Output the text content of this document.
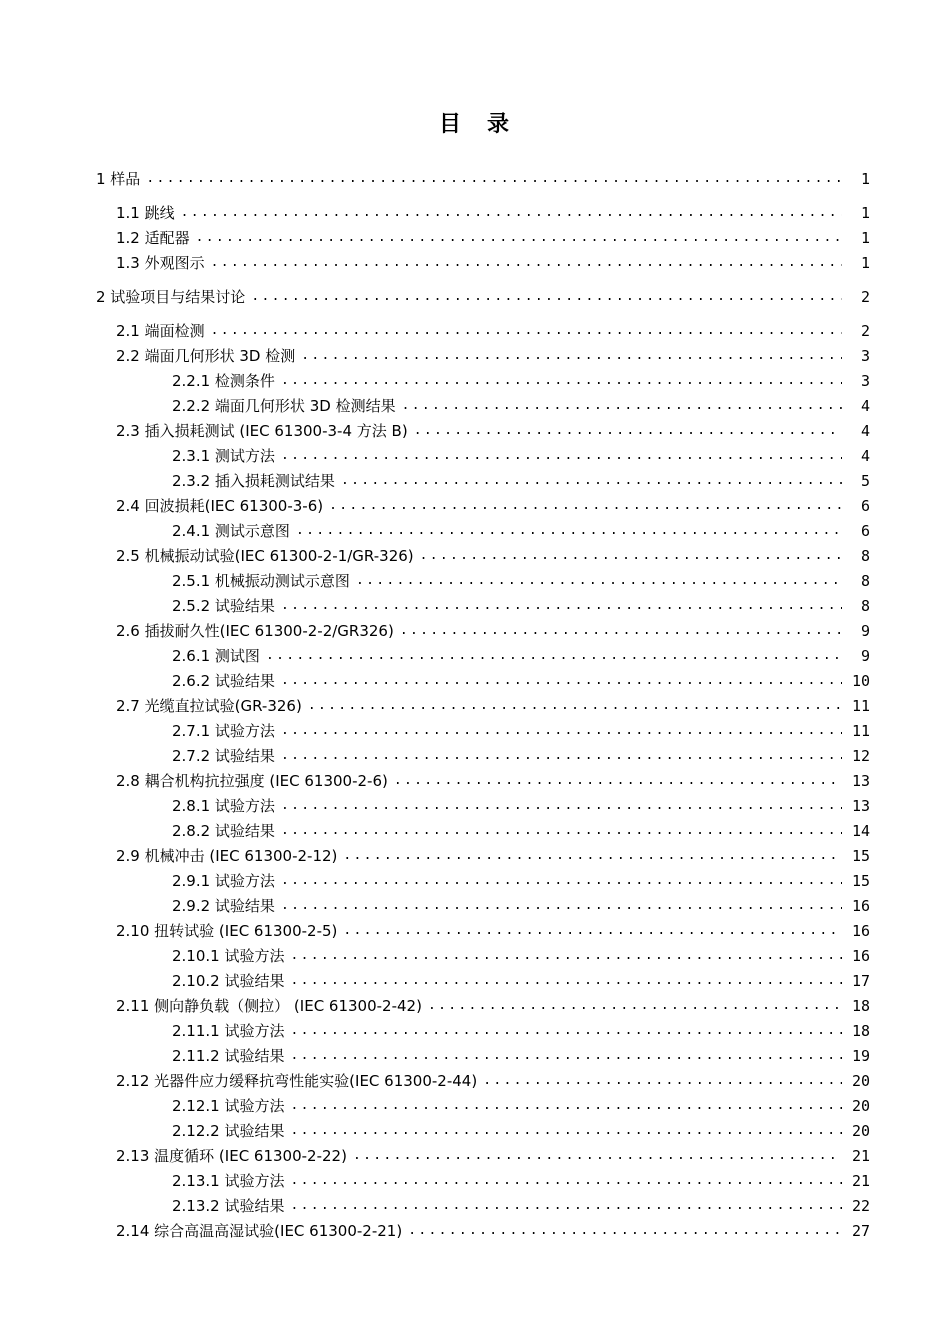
目　录
1 样品 .....	1
1.1 跳线 .....	1
1.2 适配器 .....	1
1.3 外观图示 .....	1
2 试验项目与结果讨论 .....	2
2.1 端面检测 .....	2
2.2 端面几何形状 3D 检测 .....	3
2.2.1 检测条件 .....	3
2.2.2 端面几何形状 3D 检测结果 .....	4
2.3 插入损耗测试 (IEC 61300-3-4 方法 B) .....	4
2.3.1 测试方法 .....	4
2.3.2 插入损耗测试结果 .....	5
2.4 回波损耗(IEC 61300-3-6) .....	6
2.4.1 测试示意图 .....	6
2.5 机械振动试验(IEC 61300-2-1/GR-326) .....	8
2.5.1 机械振动测试示意图 .....	8
2.5.2 试验结果 .....	8
2.6 插拔耐久性(IEC 61300-2-2/GR326) .....	9
2.6.1 测试图 .....	9
2.6.2 试验结果 .....	10
2.7 光缆直拉试验(GR-326) .....	11
2.7.1 试验方法 .....	11
2.7.2 试验结果 .....	12
2.8 耦合机构抗拉强度 (IEC 61300-2-6) .....	13
2.8.1 试验方法 .....	13
2.8.2 试验结果 .....	14
2.9 机械冲击 (IEC 61300-2-12) .....	15
2.9.1 试验方法 .....	15
2.9.2 试验结果 .....	16
2.10 扭转试验 (IEC 61300-2-5) .....	16
2.10.1 试验方法 .....	16
2.10.2 试验结果 .....	17
2.11 侧向静负载（侧拉） (IEC 61300-2-42) .....	18
2.11.1 试验方法 .....	18
2.11.2 试验结果 .....	19
2.12 光器件应力缓释抗弯性能实验(IEC 61300-2-44) .....	20
2.12.1 试验方法 .....	20
2.12.2 试验结果 .....	20
2.13 温度循环 (IEC 61300-2-22) .....	21
2.13.1 试验方法 .....	21
2.13.2 试验结果 .....	22
2.14 综合高温高湿试验(IEC 61300-2-21) .....	27
